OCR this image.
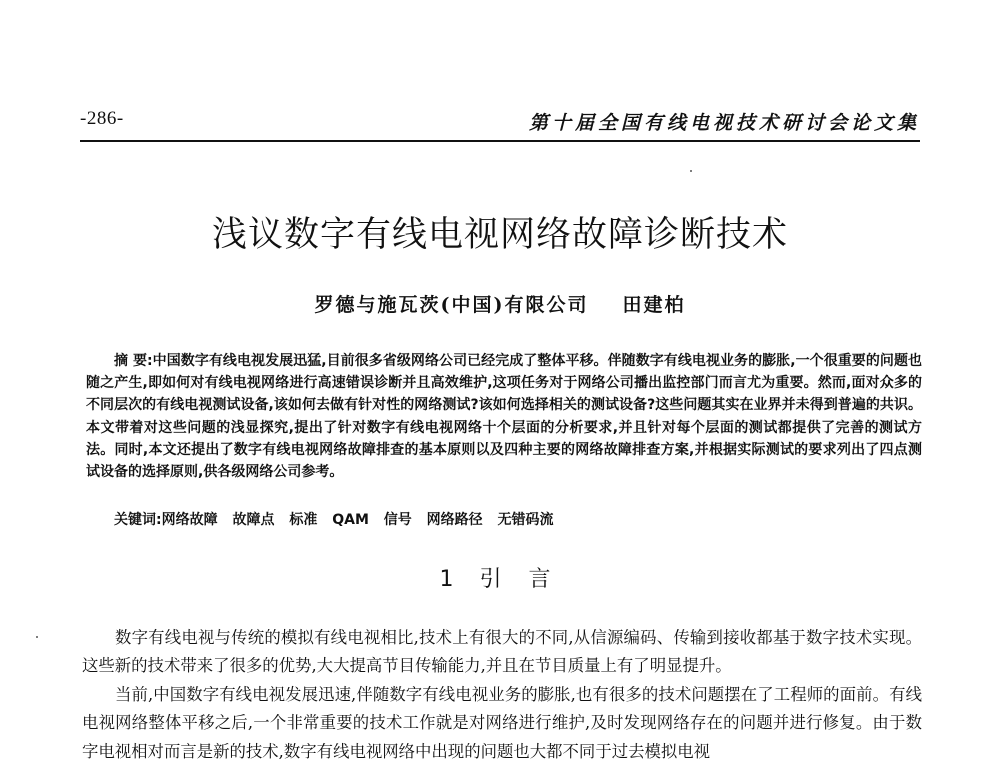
-286-	第十届全国有线电视技术研讨会论文集
浅议数字有线电视网络故障诊断技术
罗德与施瓦茨(中国)有限公司 田建柏

摘 要:中国数字有线电视发展迅猛,目前很多省级网络公司已经完成了整体平移。伴随数字有线电视业务的膨胀,一个很重要的问题也随之产生,即如何对有线电视网络进行高速错误诊断并且高效维护,这项任务对于网络公司播出监控部门而言尤为重要。然而,面对众多的不同层次的有线电视测试设备,该如何去做有针对性的网络测试?该如何选择相关的测试设备?这些问题其实在业界并未得到普遍的共识。本文带着对这些问题的浅显探究,提出了针对数字有线电视网络十个层面的分析要求,并且针对每个层面的测试都提供了完善的测试方法。同时,本文还提出了数字有线电视网络故障排查的基本原则以及四种主要的网络故障排查方案,并根据实际测试的要求列出了四点测试设备的选择原则,供各级网络公司参考。

关键词:网络故障 故障点 标准 QAM 信号 网络路径 无错码流
1 引 言

数字有线电视与传统的模拟有线电视相比,技术上有很大的不同,从信源编码、传输到接收都基于数字技术实现。这些新的技术带来了很多的优势,大大提高节目传输能力,并且在节目质量上有了明显提升。

当前,中国数字有线电视发展迅速,伴随数字有线电视业务的膨胀,也有很多的技术问题摆在了工程师的面前。有线电视网络整体平移之后,一个非常重要的技术工作就是对网络进行维护,及时发现网络存在的问题并进行修复。由于数字电视相对而言是新的技术,数字有线电视网络中出现的问题也大都不同于过去模拟电视
